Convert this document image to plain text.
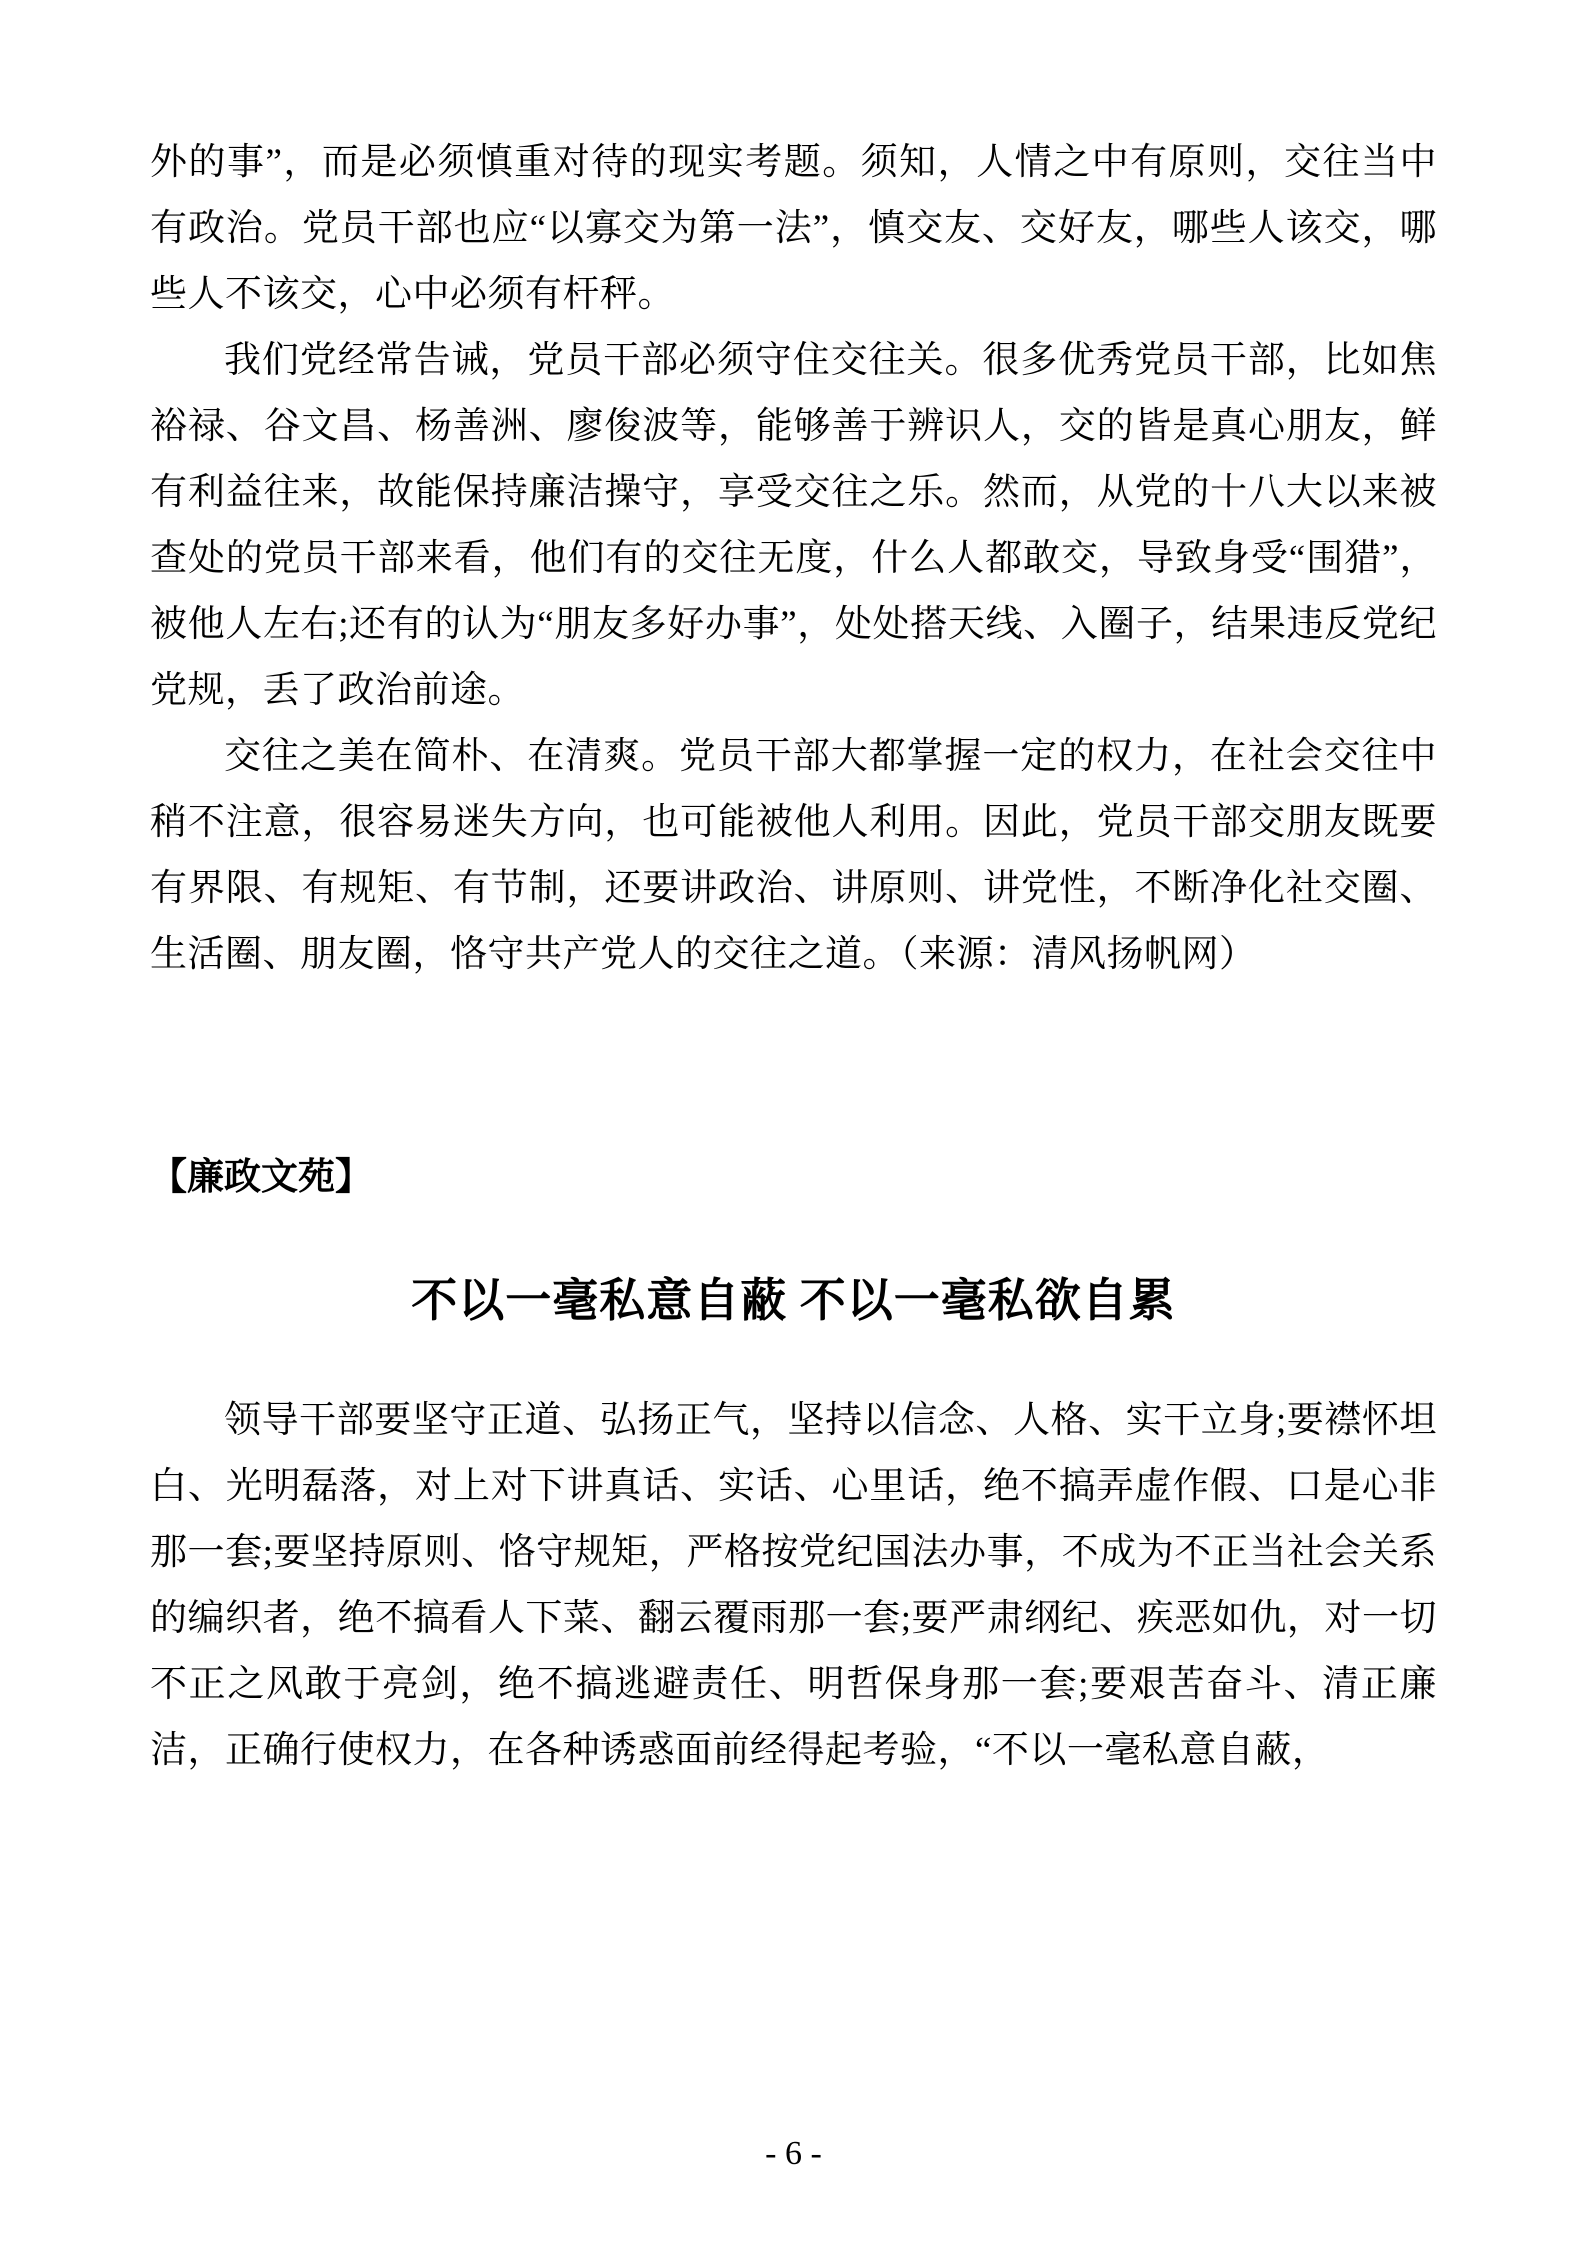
外的事”，而是必须慎重对待的现实考题。须知，人情之中有原则，交往当中有政治。党员干部也应“以寡交为第一法”，慎交友、交好友，哪些人该交，哪些人不该交，心中必须有杆秤。

我们党经常告诫，党员干部必须守住交往关。很多优秀党员干部，比如焦裕禄、谷文昌、杨善洲、廖俊波等，能够善于辨识人，交的皆是真心朋友，鲜有利益往来，故能保持廉洁操守，享受交往之乐。然而，从党的十八大以来被查处的党员干部来看，他们有的交往无度，什么人都敢交，导致身受“围猎”，被他人左右;还有的认为“朋友多好办事”，处处搭天线、入圈子，结果违反党纪党规，丢了政治前途。

交往之美在简朴、在清爽。党员干部大都掌握一定的权力，在社会交往中稍不注意，很容易迷失方向，也可能被他人利用。因此，党员干部交朋友既要有界限、有规矩、有节制，还要讲政治、讲原则、讲党性，不断净化社交圈、生活圈、朋友圈，恪守共产党人的交往之道。（来源：清风扬帆网）

【廉政文苑】
不以一毫私意自蔽 不以一毫私欲自累

领导干部要坚守正道、弘扬正气，坚持以信念、人格、实干立身;要襟怀坦白、光明磊落，对上对下讲真话、实话、心里话，绝不搞弄虚作假、口是心非那一套;要坚持原则、恪守规矩，严格按党纪国法办事，不成为不正当社会关系的编织者，绝不搞看人下菜、翻云覆雨那一套;要严肃纲纪、疾恶如仇，对一切不正之风敢于亮剑，绝不搞逃避责任、明哲保身那一套;要艰苦奋斗、清正廉洁，正确行使权力，在各种诱惑面前经得起考验，“不以一毫私意自蔽，

- 6 -
